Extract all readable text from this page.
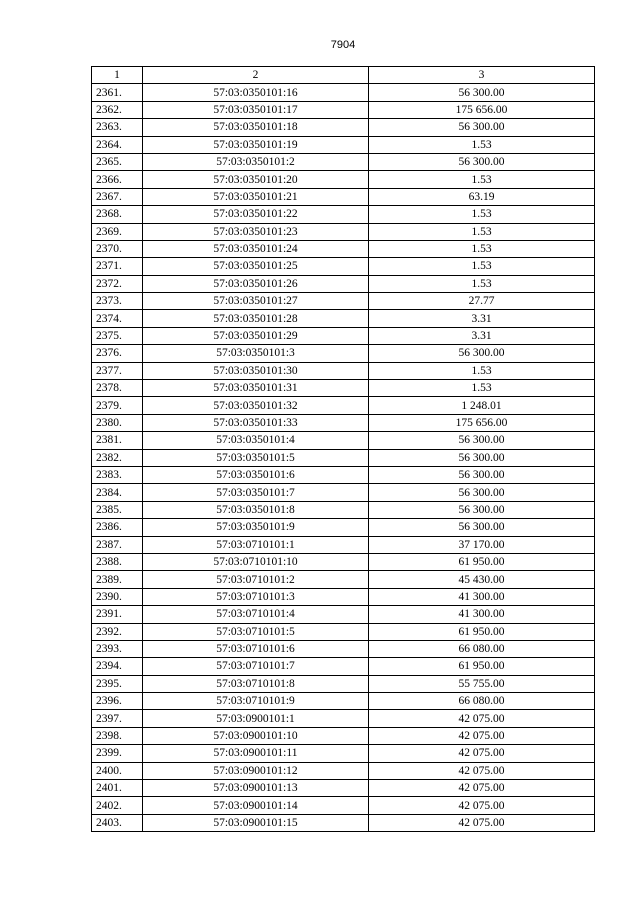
7904
1	2	3
2361.	57:03:0350101:16	56 300.00
2362.	57:03:0350101:17	175 656.00
2363.	57:03:0350101:18	56 300.00
2364.	57:03:0350101:19	1.53
2365.	57:03:0350101:2	56 300.00
2366.	57:03:0350101:20	1.53
2367.	57:03:0350101:21	63.19
2368.	57:03:0350101:22	1.53
2369.	57:03:0350101:23	1.53
2370.	57:03:0350101:24	1.53
2371.	57:03:0350101:25	1.53
2372.	57:03:0350101:26	1.53
2373.	57:03:0350101:27	27.77
2374.	57:03:0350101:28	3.31
2375.	57:03:0350101:29	3.31
2376.	57:03:0350101:3	56 300.00
2377.	57:03:0350101:30	1.53
2378.	57:03:0350101:31	1.53
2379.	57:03:0350101:32	1 248.01
2380.	57:03:0350101:33	175 656.00
2381.	57:03:0350101:4	56 300.00
2382.	57:03:0350101:5	56 300.00
2383.	57:03:0350101:6	56 300.00
2384.	57:03:0350101:7	56 300.00
2385.	57:03:0350101:8	56 300.00
2386.	57:03:0350101:9	56 300.00
2387.	57:03:0710101:1	37 170.00
2388.	57:03:0710101:10	61 950.00
2389.	57:03:0710101:2	45 430.00
2390.	57:03:0710101:3	41 300.00
2391.	57:03:0710101:4	41 300.00
2392.	57:03:0710101:5	61 950.00
2393.	57:03:0710101:6	66 080.00
2394.	57:03:0710101:7	61 950.00
2395.	57:03:0710101:8	55 755.00
2396.	57:03:0710101:9	66 080.00
2397.	57:03:0900101:1	42 075.00
2398.	57:03:0900101:10	42 075.00
2399.	57:03:0900101:11	42 075.00
2400.	57:03:0900101:12	42 075.00
2401.	57:03:0900101:13	42 075.00
2402.	57:03:0900101:14	42 075.00
2403.	57:03:0900101:15	42 075.00
